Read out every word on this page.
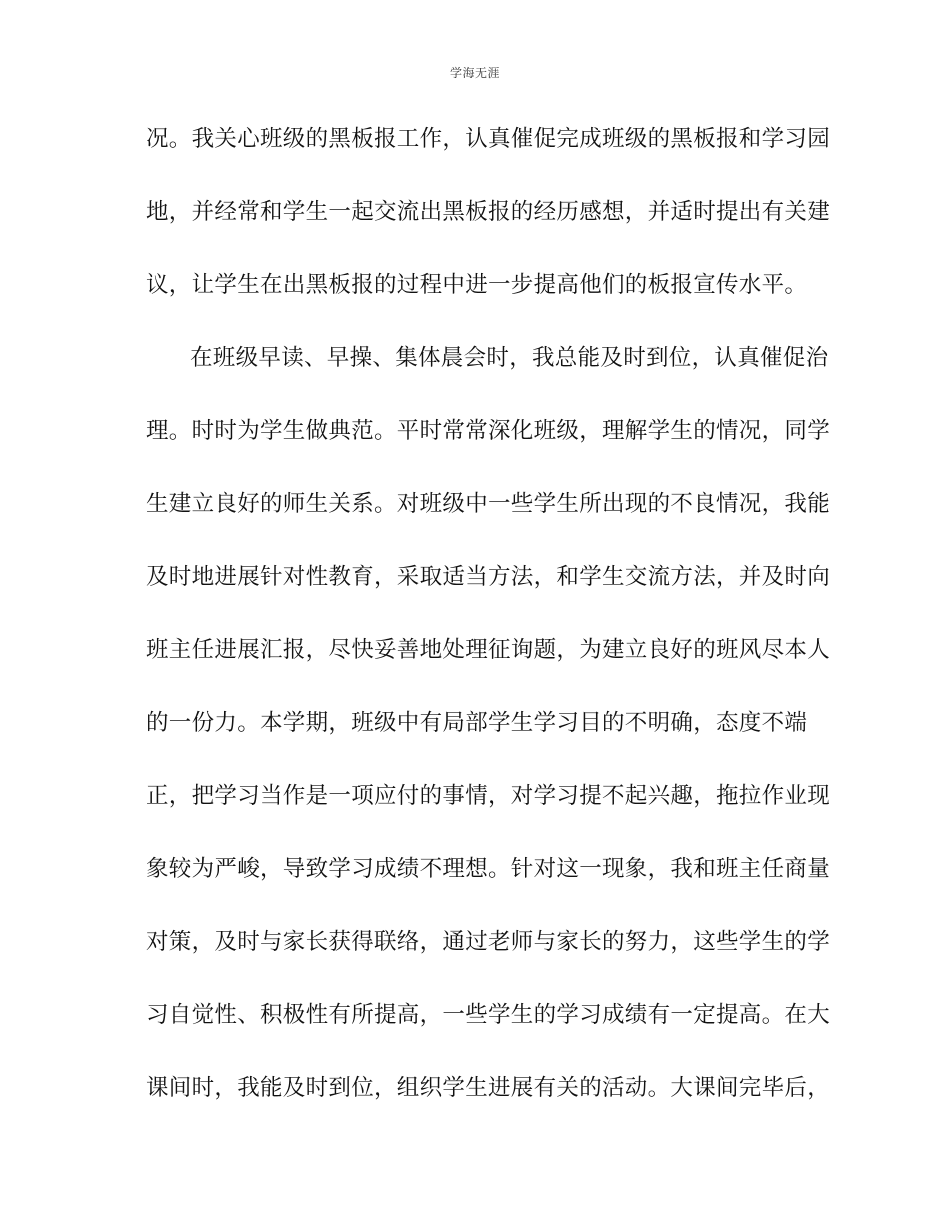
学海无涯
况。我关心班级的黑板报工作，认真催促完成班级的黑板报和学习园
地，并经常和学生一起交流出黑板报的经历感想，并适时提出有关建
议，让学生在出黑板报的过程中进一步提高他们的板报宣传水平。
在班级早读、早操、集体晨会时，我总能及时到位，认真催促治
理。时时为学生做典范。平时常常深化班级，理解学生的情况，同学
生建立良好的师生关系。对班级中一些学生所出现的不良情况，我能
及时地进展针对性教育，采取适当方法，和学生交流方法，并及时向
班主任进展汇报，尽快妥善地处理征询题，为建立良好的班风尽本人
的一份力。本学期，班级中有局部学生学习目的不明确，态度不端
正，把学习当作是一项应付的事情，对学习提不起兴趣，拖拉作业现
象较为严峻，导致学习成绩不理想。针对这一现象，我和班主任商量
对策，及时与家长获得联络，通过老师与家长的努力，这些学生的学
习自觉性、积极性有所提高，一些学生的学习成绩有一定提高。在大
课间时，我能及时到位，组织学生进展有关的活动。大课间完毕后，
